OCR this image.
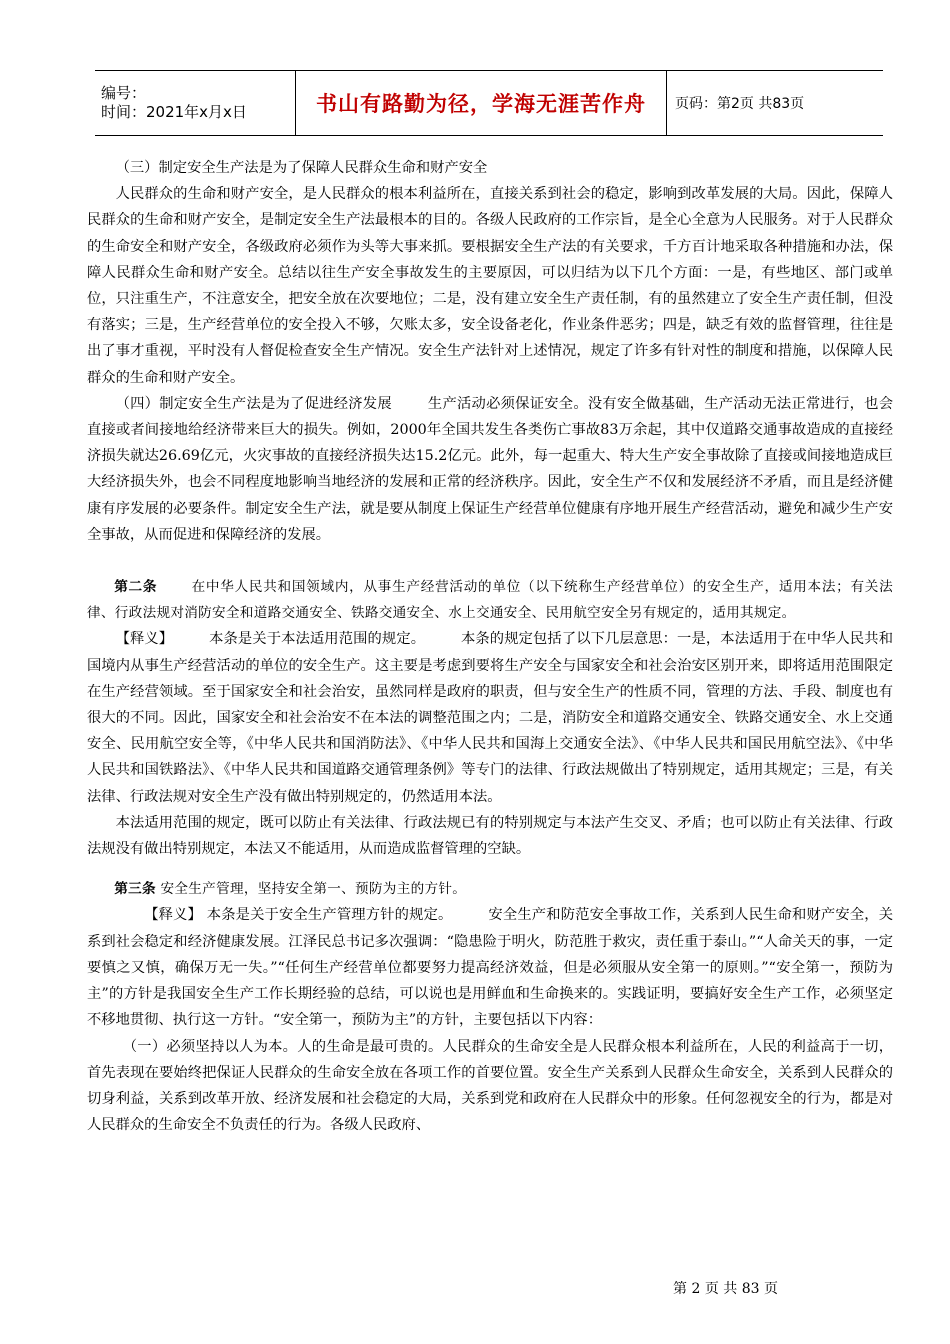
编号：
时间：2021年x月x日	书山有路勤为径，学海无涯苦作舟	页码：第2页 共83页

（三）制定安全生产法是为了保障人民群众生命和财产安全

人民群众的生命和财产安全，是人民群众的根本利益所在，直接关系到社会的稳定，影响到改革发展的大局。因此，保障人民群众的生命和财产安全，是制定安全生产法最根本的目的。各级人民政府的工作宗旨，是全心全意为人民服务。对于人民群众的生命安全和财产安全，各级政府必须作为头等大事来抓。要根据安全生产法的有关要求，千方百计地采取各种措施和办法，保障人民群众生命和财产安全。总结以往生产安全事故发生的主要原因，可以归结为以下几个方面：一是，有些地区、部门或单位，只注重生产，不注意安全，把安全放在次要地位；二是，没有建立安全生产责任制，有的虽然建立了安全生产责任制，但没有落实；三是，生产经营单位的安全投入不够，欠账太多，安全设备老化，作业条件恶劣；四是，缺乏有效的监督管理，往往是出了事才重视，平时没有人督促检查安全生产情况。安全生产法针对上述情况，规定了许多有针对性的制度和措施，以保障人民群众的生命和财产安全。

（四）制定安全生产法是为了促进经济发展	生产活动必须保证安全。没有安全做基础，生产活动无法正常进行，也会直接或者间接地给经济带来巨大的损失。例如，2000年全国共发生各类伤亡事故83万余起，其中仅道路交通事故造成的直接经济损失就达26.69亿元，火灾事故的直接经济损失达15.2亿元。此外，每一起重大、特大生产安全事故除了直接或间接地造成巨大经济损失外，也会不同程度地影响当地经济的发展和正常的经济秩序。因此，安全生产不仅和发展经济不矛盾，而且是经济健康有序发展的必要条件。制定安全生产法，就是要从制度上保证生产经营单位健康有序地开展生产经营活动，避免和减少生产安全事故，从而促进和保障经济的发展。

第二条	在中华人民共和国领域内，从事生产经营活动的单位（以下统称生产经营单位）的安全生产，适用本法；有关法律、行政法规对消防安全和道路交通安全、铁路交通安全、水上交通安全、民用航空安全另有规定的，适用其规定。

【释义】	本条是关于本法适用范围的规定。	本条的规定包括了以下几层意思：一是，本法适用于在中华人民共和国境内从事生产经营活动的单位的安全生产。这主要是考虑到要将生产安全与国家安全和社会治安区别开来，即将适用范围限定在生产经营领域。至于国家安全和社会治安，虽然同样是政府的职责，但与安全生产的性质不同，管理的方法、手段、制度也有很大的不同。因此，国家安全和社会治安不在本法的调整范围之内；二是，消防安全和道路交通安全、铁路交通安全、水上交通安全、民用航空安全等，《中华人民共和国消防法》、《中华人民共和国海上交通安全法》、《中华人民共和国民用航空法》、《中华人民共和国铁路法》、《中华人民共和国道路交通管理条例》等专门的法律、行政法规做出了特别规定，适用其规定；三是，有关法律、行政法规对安全生产没有做出特别规定的，仍然适用本法。

本法适用范围的规定，既可以防止有关法律、行政法规已有的特别规定与本法产生交叉、矛盾；也可以防止有关法律、行政法规没有做出特别规定，本法又不能适用，从而造成监督管理的空缺。

第三条 安全生产管理，坚持安全第一、预防为主的方针。

【释义】 本条是关于安全生产管理方针的规定。	安全生产和防范安全事故工作，关系到人民生命和财产安全，关系到社会稳定和经济健康发展。江泽民总书记多次强调：“隐患险于明火，防范胜于救灾，责任重于泰山。”“人命关天的事，一定要慎之又慎，确保万无一失。”“任何生产经营单位都要努力提高经济效益，但是必须服从安全第一的原则。”“安全第一，预防为主”的方针是我国安全生产工作长期经验的总结，可以说也是用鲜血和生命换来的。实践证明，要搞好安全生产工作，必须坚定不移地贯彻、执行这一方针。“安全第一，预防为主”的方针，主要包括以下内容：

（一）必须坚持以人为本。人的生命是最可贵的。人民群众的生命安全是人民群众根本利益所在，人民的利益高于一切，首先表现在要始终把保证人民群众的生命安全放在各项工作的首要位置。安全生产关系到人民群众生命安全，关系到人民群众的切身利益，关系到改革开放、经济发展和社会稳定的大局，关系到党和政府在人民群众中的形象。任何忽视安全的行为，都是对人民群众的生命安全不负责任的行为。各级人民政府、

第 2 页 共 83 页
